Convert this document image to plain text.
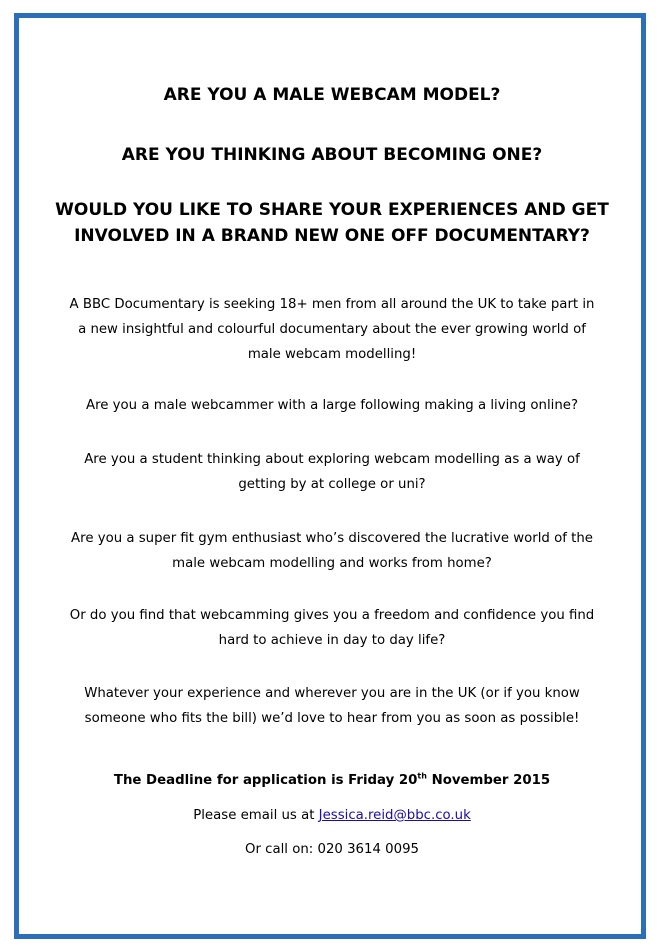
ARE YOU A MALE WEBCAM MODEL?

ARE YOU THINKING ABOUT BECOMING ONE?

WOULD YOU LIKE TO SHARE YOUR EXPERIENCES AND GET
INVOLVED IN A BRAND NEW ONE OFF DOCUMENTARY?

A BBC Documentary is seeking 18+ men from all around the UK to take part in
a new insightful and colourful documentary about the ever growing world of
male webcam modelling!

Are you a male webcammer with a large following making a living online?

Are you a student thinking about exploring webcam modelling as a way of
getting by at college or uni?

Are you a super fit gym enthusiast who’s discovered the lucrative world of the
male webcam modelling and works from home?

Or do you find that webcamming gives you a freedom and confidence you find
hard to achieve in day to day life?

Whatever your experience and wherever you are in the UK (or if you know
someone who fits the bill) we’d love to hear from you as soon as possible!

The Deadline for application is Friday 20th November 2015

Please email us at Jessica.reid@bbc.co.uk

Or call on: 020 3614 0095
